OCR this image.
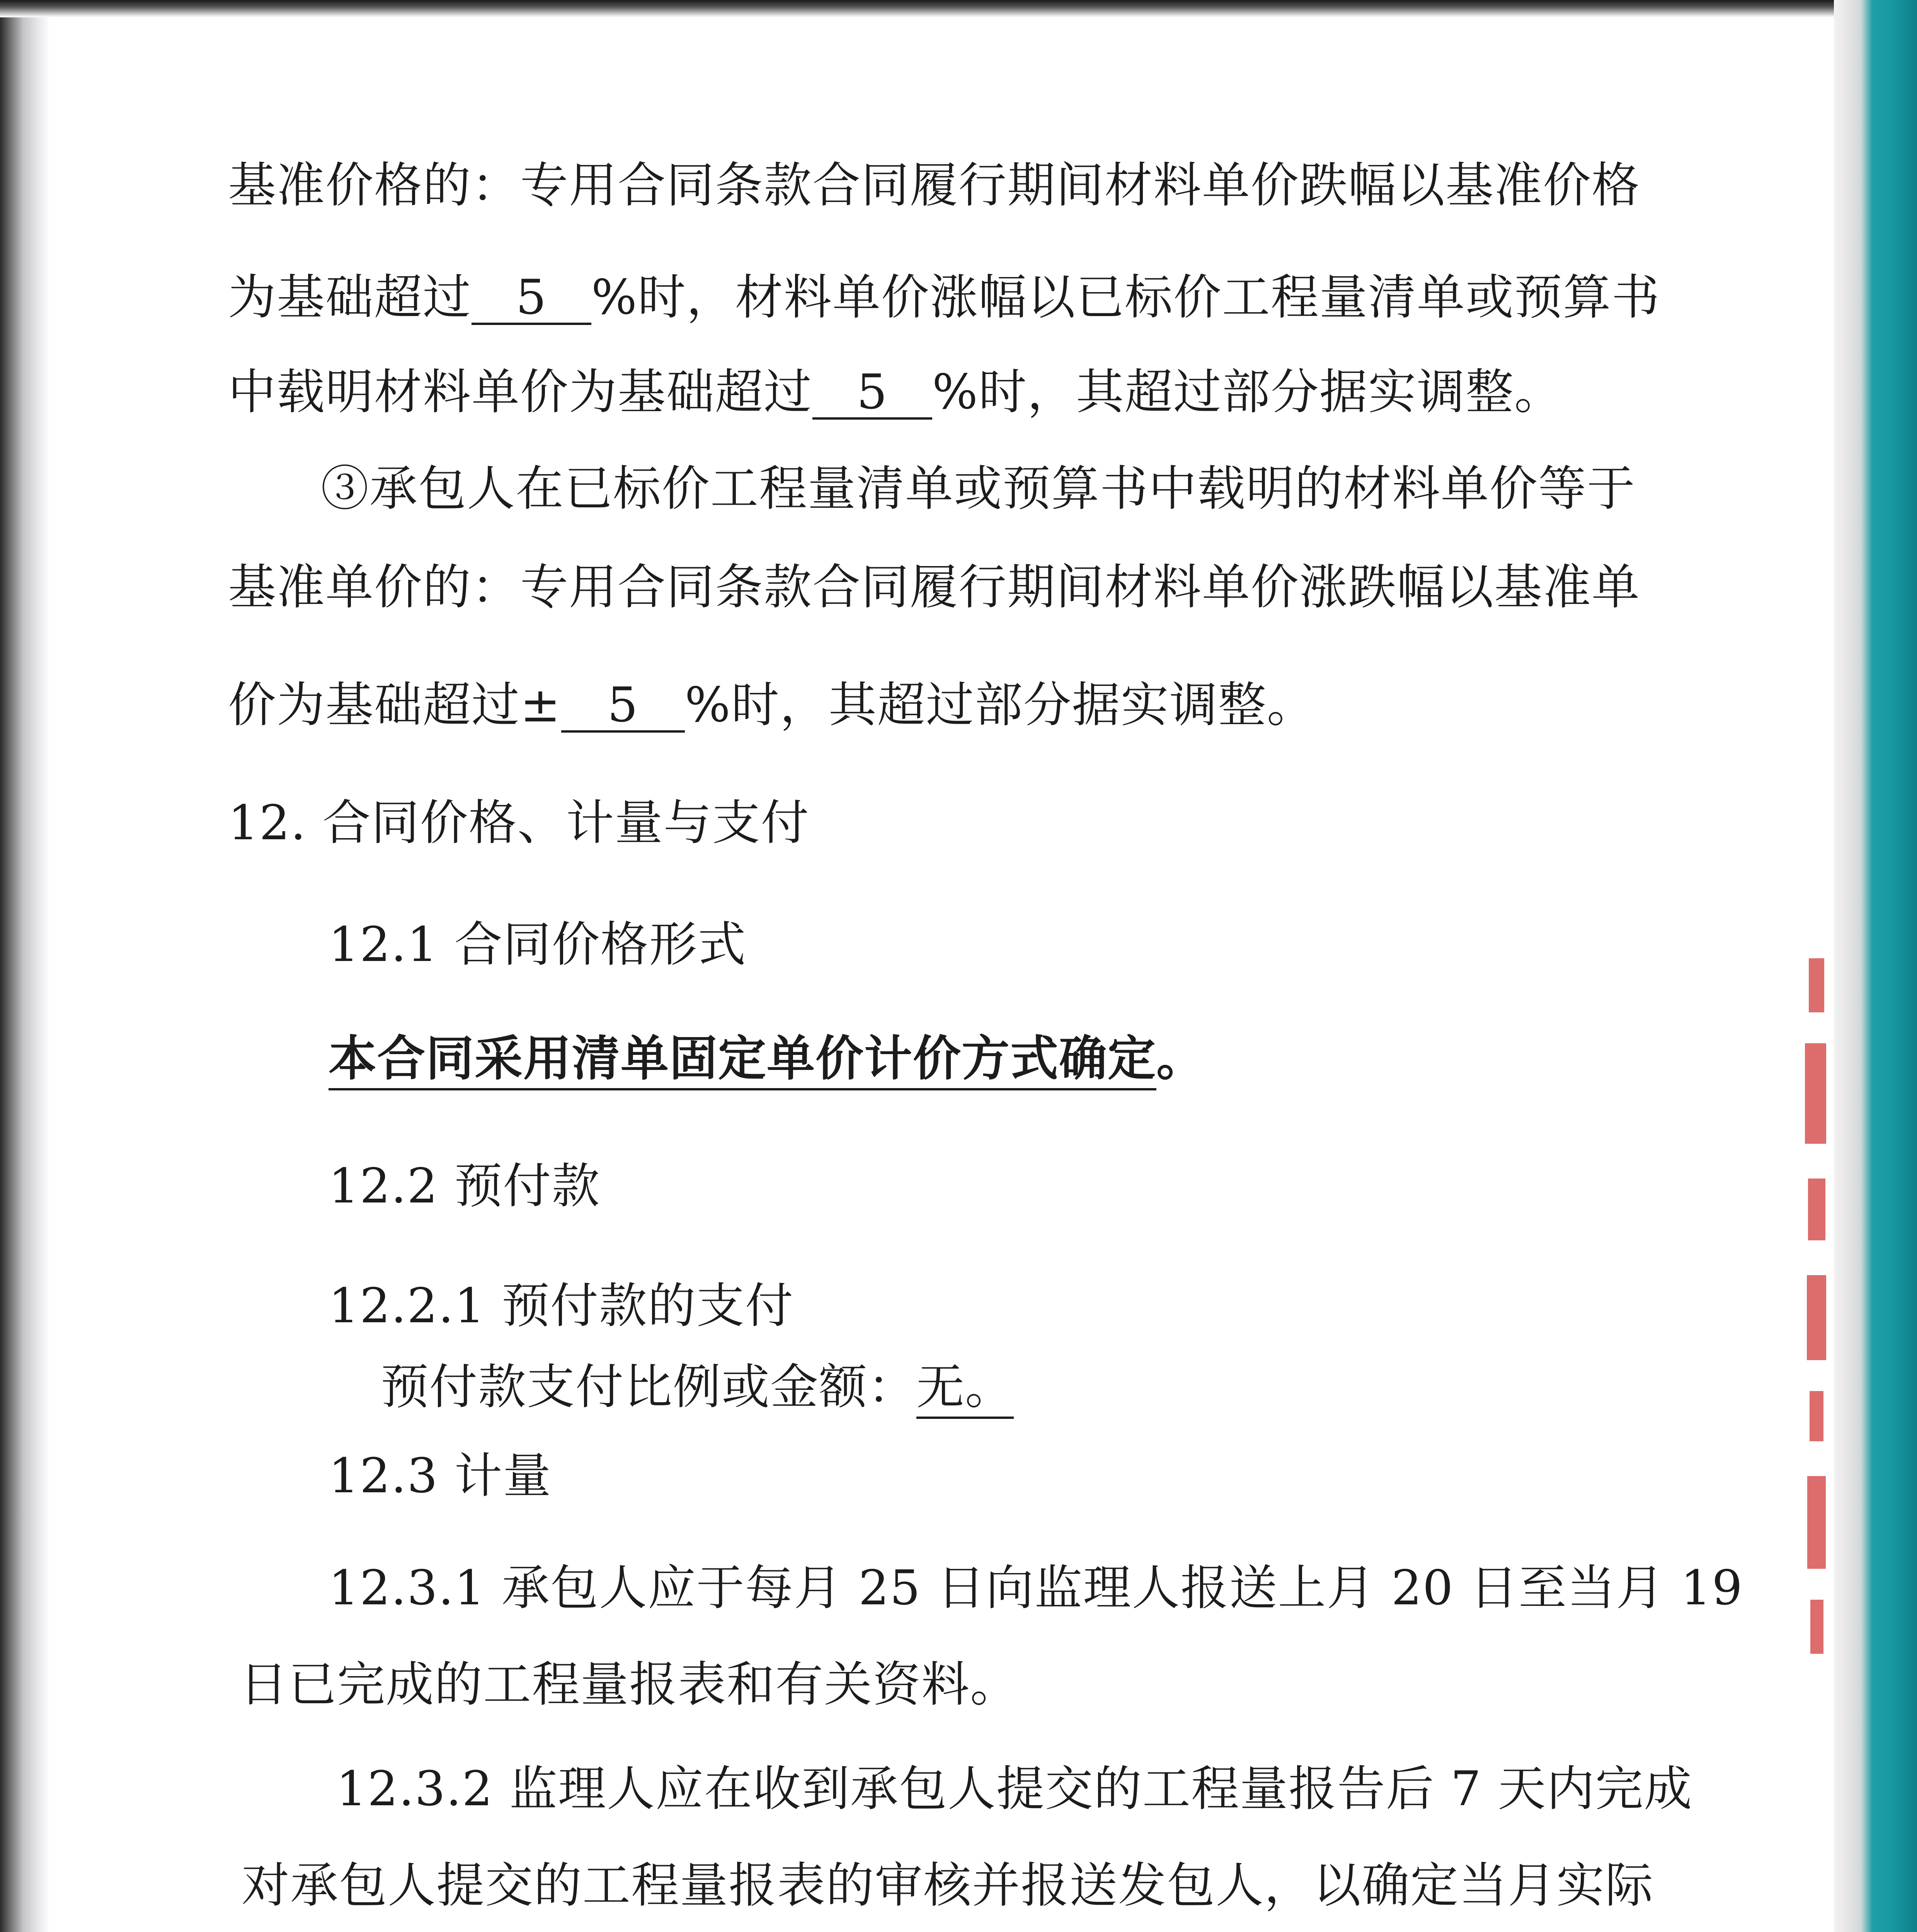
基准价格的：专用合同条款合同履行期间材料单价跌幅以基准价格
为基础超过 5 %时，材料单价涨幅以已标价工程量清单或预算书
中载明材料单价为基础超过 5 %时，其超过部分据实调整。
③承包人在已标价工程量清单或预算书中载明的材料单价等于
基准单价的：专用合同条款合同履行期间材料单价涨跌幅以基准单
价为基础超过± 5 %时，其超过部分据实调整。
12. 合同价格、计量与支付
12.1 合同价格形式
本合同采用清单固定单价计价方式确定。
12.2 预付款
12.2.1 预付款的支付
预付款支付比例或金额：无。
12.3 计量
12.3.1 承包人应于每月 25 日向监理人报送上月 20 日至当月 19
日已完成的工程量报表和有关资料。
12.3.2 监理人应在收到承包人提交的工程量报告后 7 天内完成
对承包人提交的工程量报表的审核并报送发包人，以确定当月实际
